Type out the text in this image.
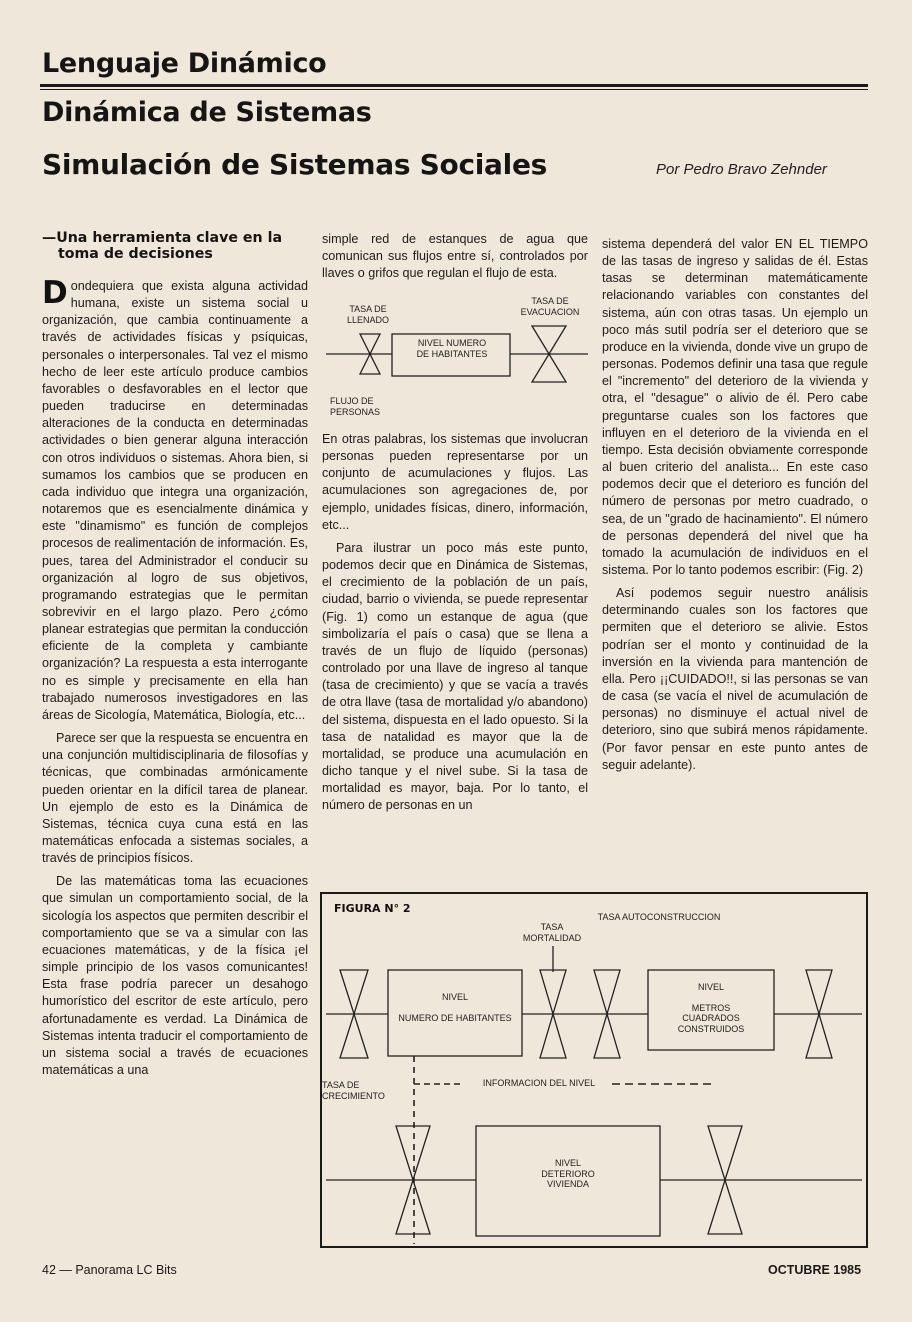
Lenguaje Dinámico
Dinámica de Sistemas
Simulación de Sistemas Sociales	Por Pedro Bravo Zehnder
—Una herramienta clave en la toma de decisiones

Dondequiera que exista alguna actividad humana, existe un sistema social u organización, que cambia continuamente a través de actividades físicas y psíquicas, personales o interpersonales. Tal vez el mismo hecho de leer este artículo produce cambios favorables o desfavorables en el lector que pueden traducirse en determinadas alteraciones de la conducta en determinadas actividades o bien generar alguna interacción con otros individuos o sistemas. Ahora bien, si sumamos los cambios que se producen en cada individuo que integra una organización, notaremos que es esencialmente dinámica y este "dinamismo" es función de complejos procesos de realimentación de información. Es, pues, tarea del Administrador el conducir su organización al logro de sus objetivos, programando estrategias que le permitan sobrevivir en el largo plazo. Pero ¿cómo planear estrategias que permitan la conducción eficiente de la completa y cambiante organización? La respuesta a esta interrogante no es simple y precisamente en ella han trabajado numerosos investigadores en las áreas de Sicología, Matemática, Biología, etc...

Parece ser que la respuesta se encuentra en una conjunción multidisciplinaria de filosofías y técnicas, que combinadas armónicamente pueden orientar en la difícil tarea de planear. Un ejemplo de esto es la Dinámica de Sistemas, técnica cuya cuna está en las matemáticas enfocada a sistemas sociales, a través de principios físicos.

De las matemáticas toma las ecuaciones que simulan un comportamiento social, de la sicología los aspectos que permiten describir el comportamiento que se va a simular con las ecuaciones matemáticas, y de la física ¡el simple principio de los vasos comunicantes! Esta frase podría parecer un desahogo humorístico del escritor de este artículo, pero afortunadamente es verdad. La Dinámica de Sistemas intenta traducir el comportamiento de un sistema social a través de ecuaciones matemáticas a una

simple red de estanques de agua que comunican sus flujos entre sí, controlados por llaves o grifos que regulan el flujo de esta.

TASA DE LLENADO
TASA DE EVACUACION
NIVEL NUMERO DE HABITANTES
FLUJO DE PERSONAS

En otras palabras, los sistemas que involucran personas pueden representarse por un conjunto de acumulaciones y flujos. Las acumulaciones son agregaciones de, por ejemplo, unidades físicas, dinero, información, etc...

Para ilustrar un poco más este punto, podemos decir que en Dinámica de Sistemas, el crecimiento de la población de un país, ciudad, barrio o vivienda, se puede representar (Fig. 1) como un estanque de agua (que simbolizaría el país o casa) que se llena a través de un flujo de líquido (personas) controlado por una llave de ingreso al tanque (tasa de crecimiento) y que se vacía a través de otra llave (tasa de mortalidad y/o abandono) del sistema, dispuesta en el lado opuesto. Si la tasa de natalidad es mayor que la de mortalidad, se produce una acumulación en dicho tanque y el nivel sube. Si la tasa de mortalidad es mayor, baja. Por lo tanto, el número de personas en un

sistema dependerá del valor EN EL TIEMPO de las tasas de ingreso y salidas de él. Estas tasas se determinan matemáticamente relacionando variables con constantes del sistema, aún con otras tasas. Un ejemplo un poco más sutil podría ser el deterioro que se produce en la vivienda, donde vive un grupo de personas. Podemos definir una tasa que regule el "incremento" del deterioro de la vivienda y otra, el "desague" o alivio de él. Pero cabe preguntarse cuales son los factores que influyen en el deterioro de la vivienda en el tiempo. Esta decisión obviamente corresponde al buen criterio del analista... En este caso podemos decir que el deterioro es función del número de personas por metro cuadrado, o sea, de un "grado de hacinamiento". El número de personas dependerá del nivel que ha tomado la acumulación de individuos en el sistema. Por lo tanto podemos escribir: (Fig. 2)

Así podemos seguir nuestro análisis determinando cuales son los factores que permiten que el deterioro se alivie. Estos podrían ser el monto y continuidad de la inversión en la vivienda para mantención de ella. Pero ¡¡CUIDADO!!, si las personas se van de casa (se vacía el nivel de acumulación de personas) no disminuye el actual nivel de deterioro, sino que subirá menos rápidamente. (Por favor pensar en este punto antes de seguir adelante).

FIGURA N° 2
TASA MORTALIDAD
TASA AUTOCONSTRUCCION
NIVEL
NUMERO DE HABITANTES
NIVEL
METROS CUADRADOS CONSTRUIDOS
TASA DE CRECIMIENTO
INFORMACION DEL NIVEL
NIVEL
DETERIORO VIVIENDA
42 — Panorama LC Bits	OCTUBRE 1985
